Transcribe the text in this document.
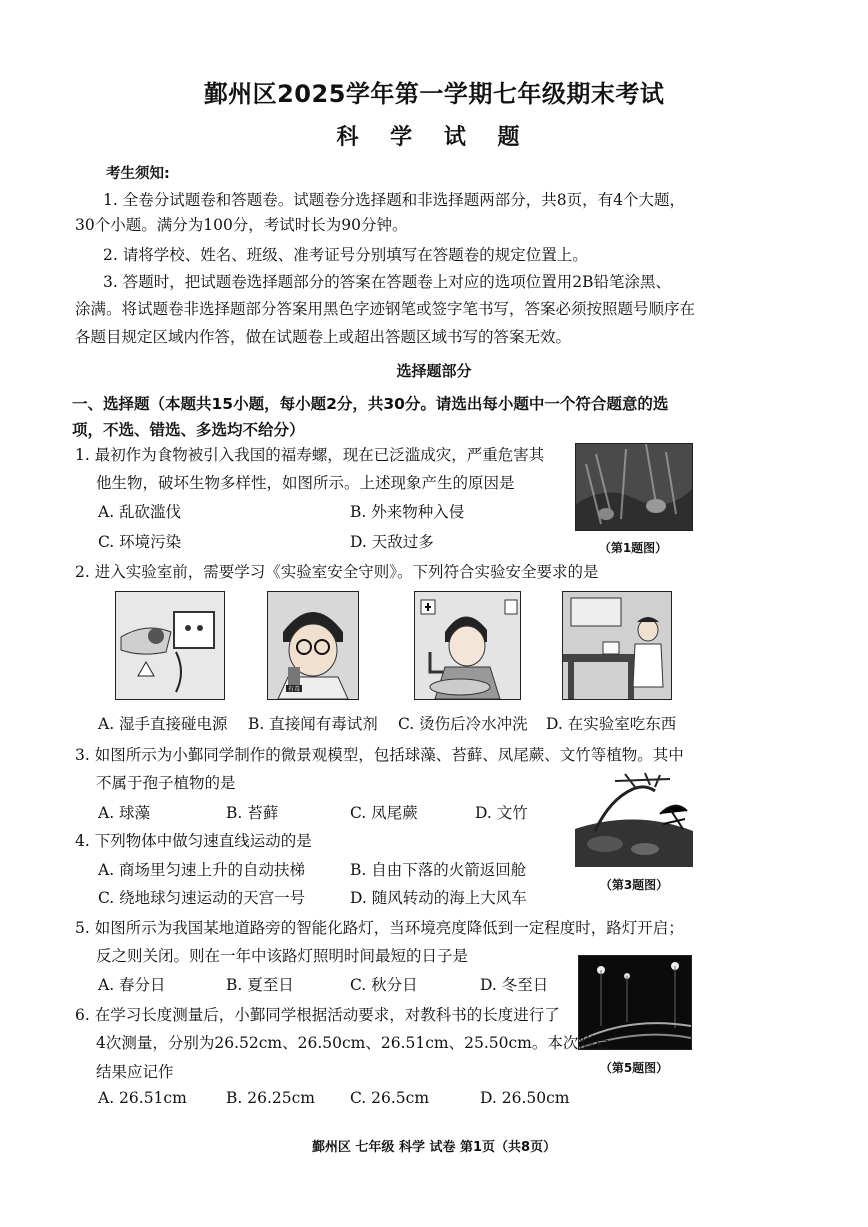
鄞州区2025学年第一学期七年级期末考试
科 学 试 题
考生须知:
1. 全卷分试题卷和答题卷。试题卷分选择题和非选择题两部分，共8页，有4个大题，
30个小题。满分为100分，考试时长为90分钟。
2. 请将学校、姓名、班级、准考证号分别填写在答题卷的规定位置上。
3. 答题时，把试题卷选择题部分的答案在答题卷上对应的选项位置用2B铅笔涂黑、
涂满。将试题卷非选择题部分答案用黑色字迹钢笔或签字笔书写，答案必须按照题号顺序在
各题目规定区域内作答，做在试题卷上或超出答题区域书写的答案无效。
选择题部分
一、选择题（本题共15小题，每小题2分，共30分。请选出每小题中一个符合题意的选
项，不选、错选、多选均不给分）
1. 最初作为食物被引入我国的福寿螺，现在已泛滥成灾，严重危害其
他生物，破坏生物多样性，如图所示。上述现象产生的原因是
A. 乱砍滥伐	B. 外来物种入侵
C. 环境污染	D. 天敌过多	（第1题图）
2. 进入实验室前，需要学习《实验室安全守则》。下列符合实验安全要求的是
有毒
A. 湿手直接碰电源 B. 直接闻有毒试剂 C. 烫伤后冷水冲洗 D. 在实验室吃东西
3. 如图所示为小鄞同学制作的微景观模型，包括球藻、苔藓、凤尾蕨、文竹等植物。其中
不属于孢子植物的是
A. 球藻	B. 苔藓	C. 凤尾蕨	D. 文竹
（第3题图）
4. 下列物体中做匀速直线运动的是
A. 商场里匀速上升的自动扶梯	B. 自由下落的火箭返回舱
C. 绕地球匀速运动的天宫一号	D. 随风转动的海上大风车
5. 如图所示为我国某地道路旁的智能化路灯，当环境亮度降低到一定程度时，路灯开启；
反之则关闭。则在一年中该路灯照明时间最短的日子是
A. 春分日	B. 夏至日	C. 秋分日	D. 冬至日
（第5题图）
6. 在学习长度测量后，小鄞同学根据活动要求，对教科书的长度进行了
4次测量，分别为26.52cm、26.50cm、26.51cm、25.50cm。本次测量
结果应记作
A. 26.51cm	B. 26.25cm C. 26.5cm	D. 26.50cm
鄞州区 七年级 科学 试卷 第1页（共8页）
